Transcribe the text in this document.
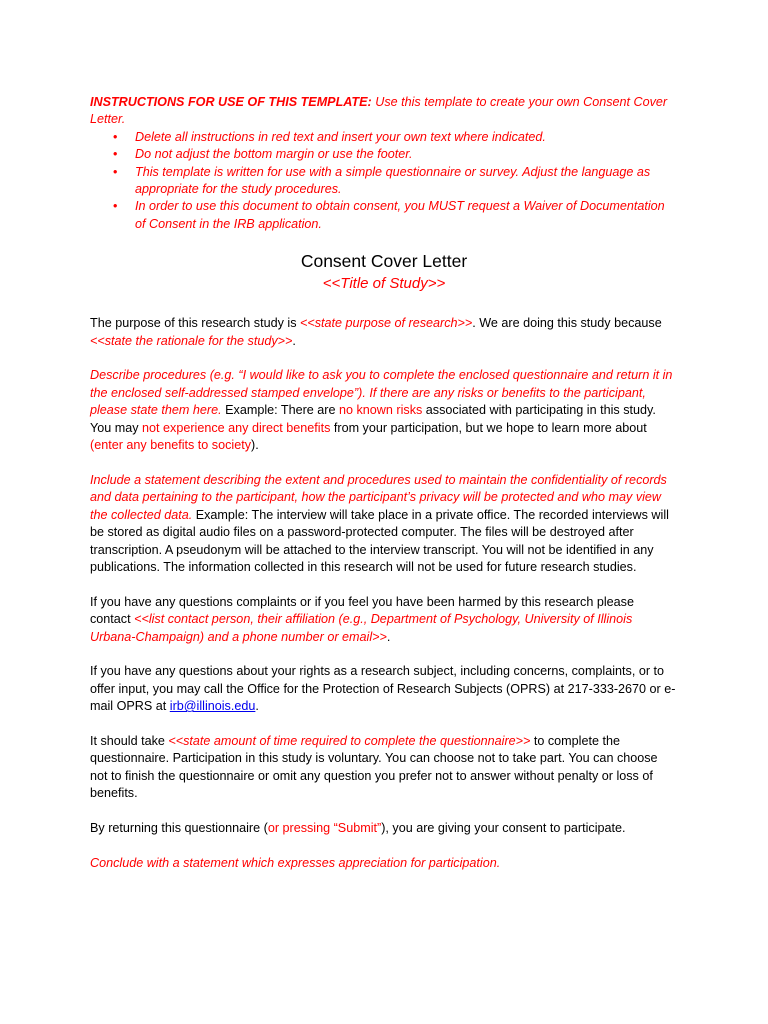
INSTRUCTIONS FOR USE OF THIS TEMPLATE: Use this template to create your own Consent Cover Letter.
• Delete all instructions in red text and insert your own text where indicated.
• Do not adjust the bottom margin or use the footer.
• This template is written for use with a simple questionnaire or survey. Adjust the language as appropriate for the study procedures.
• In order to use this document to obtain consent, you MUST request a Waiver of Documentation of Consent in the IRB application.
Consent Cover Letter
<<Title of Study>>

The purpose of this research study is <<state purpose of research>>. We are doing this study because <<state the rationale for the study>>.

Describe procedures (e.g. “I would like to ask you to complete the enclosed questionnaire and return it in the enclosed self-addressed stamped envelope”). If there are any risks or benefits to the participant, please state them here. Example: There are no known risks associated with participating in this study. You may not experience any direct benefits from your participation, but we hope to learn more about (enter any benefits to society).

Include a statement describing the extent and procedures used to maintain the confidentiality of records and data pertaining to the participant, how the participant’s privacy will be protected and who may view the collected data. Example: The interview will take place in a private office. The recorded interviews will be stored as digital audio files on a password-protected computer. The files will be destroyed after transcription. A pseudonym will be attached to the interview transcript. You will not be identified in any publications. The information collected in this research will not be used for future research studies.

If you have any questions complaints or if you feel you have been harmed by this research please contact <<list contact person, their affiliation (e.g., Department of Psychology, University of Illinois Urbana-Champaign) and a phone number or email>>.

If you have any questions about your rights as a research subject, including concerns, complaints, or to offer input, you may call the Office for the Protection of Research Subjects (OPRS) at 217-333-2670 or e-mail OPRS at irb@illinois.edu.

It should take <<state amount of time required to complete the questionnaire>> to complete the questionnaire. Participation in this study is voluntary. You can choose not to take part. You can choose not to finish the questionnaire or omit any question you prefer not to answer without penalty or loss of benefits.

By returning this questionnaire (or pressing “Submit”), you are giving your consent to participate.

Conclude with a statement which expresses appreciation for participation.
